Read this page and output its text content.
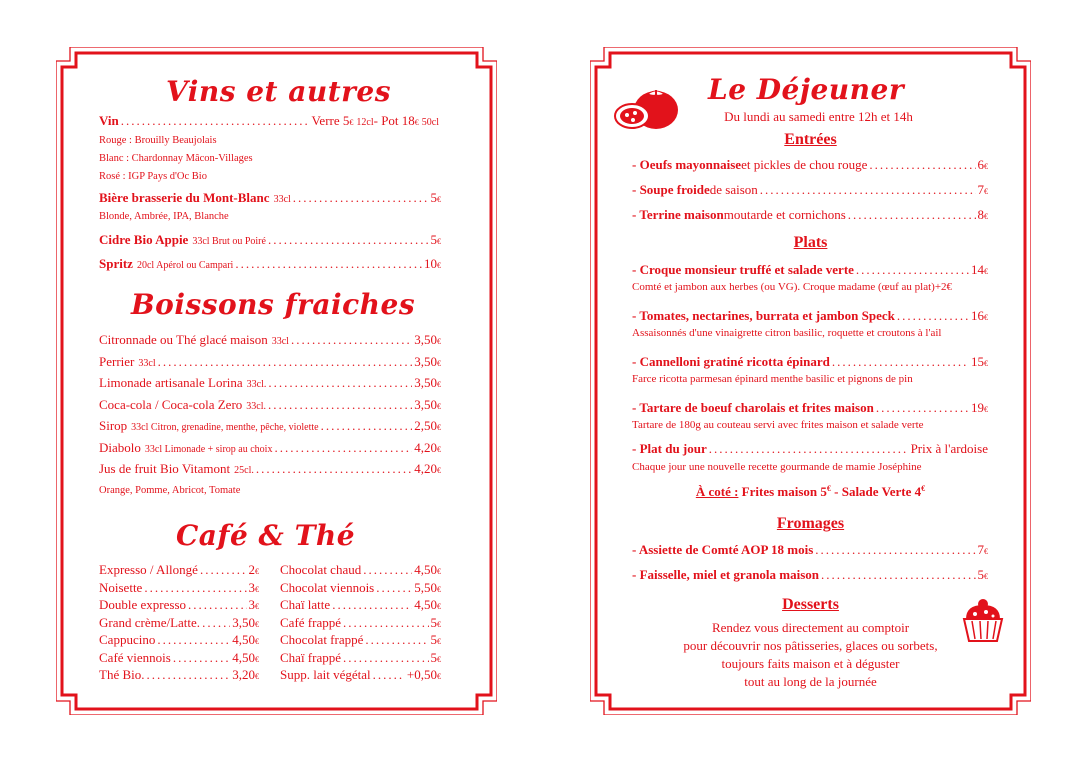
Vins et autres
Vin .....	Verre 5 € 12cl - Pot 18 € 50cl
Rouge : Brouilly Beaujolais
Blanc : Chardonnay Mâcon-Villages
Rosé : IGP Pays d'Oc Bio
Bière brasserie du Mont-Blanc 33cl .....	5 €
Blonde, Ambrée, IPA, Blanche
Cidre Bio Appie 33cl Brut ou Poiré .....	5 €
Spritz 20cl Apérol ou Campari .....	10 €
Boissons fraiches
Citronnade ou Thé glacé maison 33cl .....	3,50 €
Perrier 33cl .....	3,50 €
Limonade artisanale Lorina 33cl. .....	3,50 €
Coca-cola / Coca-cola Zero 33cl. .....	3,50 €
Sirop 33cl Citron, grenadine, menthe, pêche, violette .....	2,50 €
Diabolo 33cl Limonade + sirop au choix .....	4,20 €
Jus de fruit Bio Vitamont 25cl. .....	4,20 €
Orange, Pomme, Abricot, Tomate
Café & Thé
Expresso / Allongé .....	2 €
Noisette .....	3 €
Double expresso .....	3 €
Grand crème/Latte. ..... 3,50 €
Cappucino .....	4,50 €
Café viennois .....	4,50 €
Thé Bio. .....	3,20 €
Chocolat chaud .....	4,50 €
Chocolat viennois .....	5,50 €
Chaï latte .....	4,50 €
Café frappé .....	5 €
Chocolat frappé .....	5 €
Chaï frappé .....	5 €
Supp. lait végétal .....	+0,50 €
Le Déjeuner
Du lundi au samedi entre 12h et 14h
Entrées
- Oeufs mayonnaise et pickles de chou rouge .....	6 €
- Soupe froide de saison .....	7 €
- Terrine maison moutarde et cornichons .....	8 €
Plats
- Croque monsieur truffé et salade verte .....	14 €
Comté et jambon aux herbes (ou VG). Croque madame (œuf au plat)+2€
- Tomates, nectarines, burrata et jambon Speck .....	16 €
Assaisonnés d'une vinaigrette citron basilic, roquette et croutons à l'ail
- Cannelloni gratiné ricotta épinard .....	15 €
Farce ricotta parmesan épinard menthe basilic et pignons de pin
- Tartare de boeuf charolais et frites maison .....	19 €
Tartare de 180g au couteau servi avec frites maison et salade verte
- Plat du jour .....	Prix à l'ardoise
Chaque jour une nouvelle recette gourmande de mamie Joséphine
À coté : Frites maison 5€ - Salade Verte 4€
Fromages
- Assiette de Comté AOP 18 mois .....	7 €
- Faisselle, miel et granola maison .....	5 €
Desserts
Rendez vous directement au comptoir
pour découvrir nos pâtisseries, glaces ou sorbets,
toujours faits maison et à déguster
tout au long de la journée
